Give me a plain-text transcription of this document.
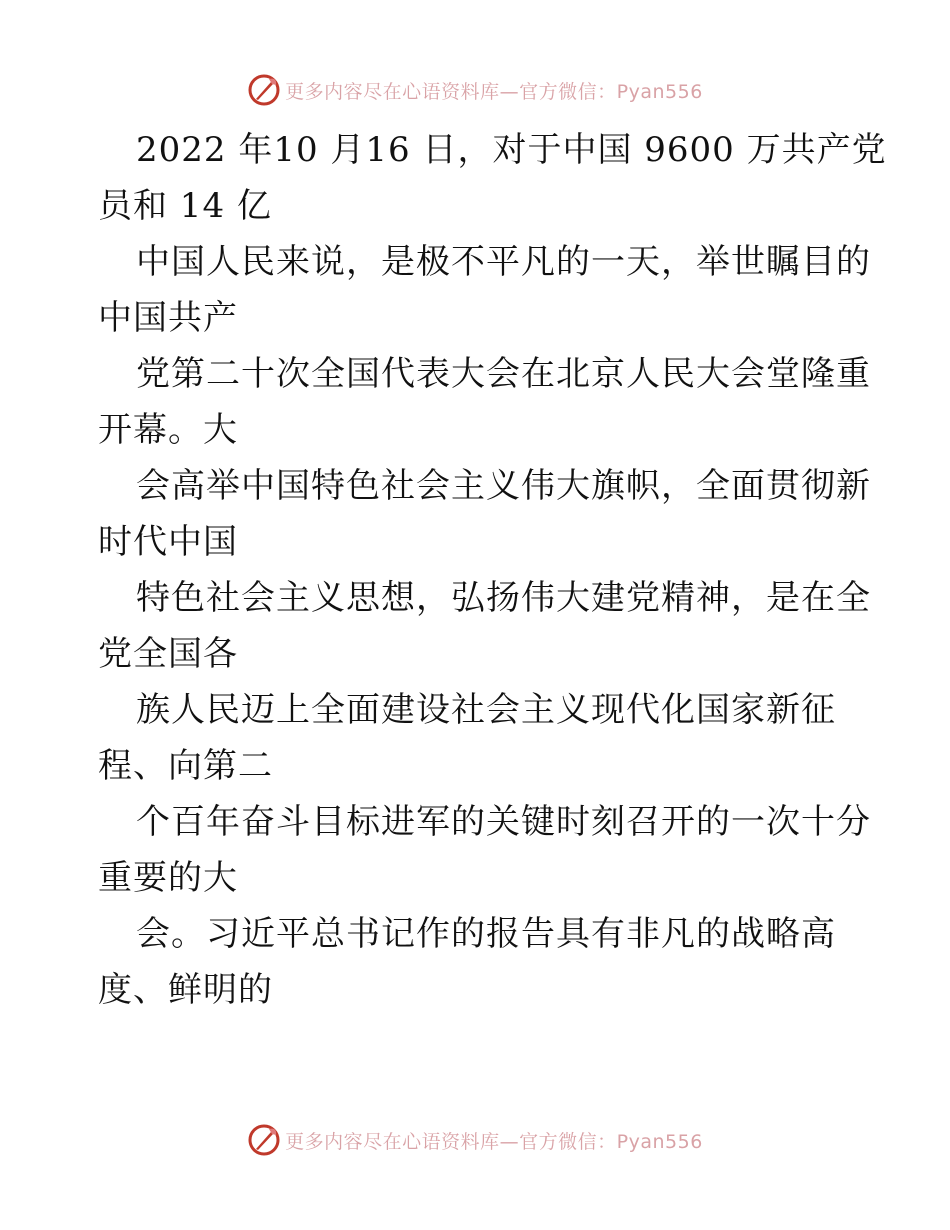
更多内容尽在心语资料库—官方微信：Pyan556
2022 年10 月16 日，对于中国 9600 万共产党
员和 14 亿
中国人民来说，是极不平凡的一天，举世瞩目的
中国共产
党第二十次全国代表大会在北京人民大会堂隆重
开幕。大
会高举中国特色社会主义伟大旗帜，全面贯彻新
时代中国
特色社会主义思想，弘扬伟大建党精神，是在全
党全国各
族人民迈上全面建设社会主义现代化国家新征
程、向第二
个百年奋斗目标进军的关键时刻召开的一次十分
重要的大
会。习近平总书记作的报告具有非凡的战略高
度、鲜明的
更多内容尽在心语资料库—官方微信：Pyan556
